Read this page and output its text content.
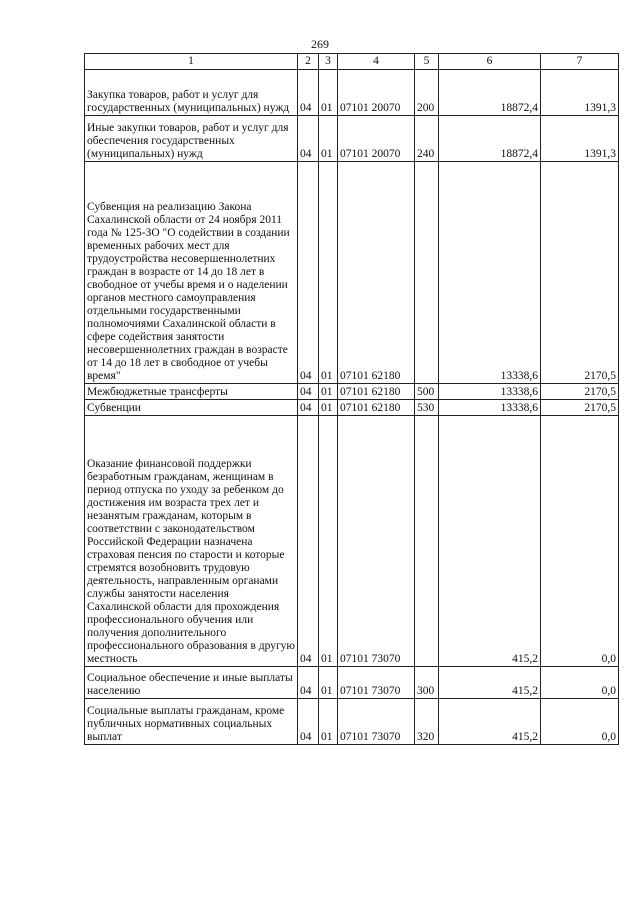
269
1	2	3	4	5	6	7
Закупка товаров, работ и услуг для государственных (муниципальных) нужд	04	01	07101 20070	200	18872,4	1391,3
Иные закупки товаров, работ и услуг для обеспечения государственных (муниципальных) нужд	04	01	07101 20070	240	18872,4	1391,3
Субвенция на реализацию Закона Сахалинской области от 24 ноября 2011 года № 125-ЗО "О содействии в создании временных рабочих мест для трудоустройства несовершеннолетних граждан в возрасте от 14 до 18 лет в свободное от учебы время и о наделении органов местного самоуправления отдельными государственными полномочиями Сахалинской области в сфере содействия занятости несовершеннолетних граждан в возрасте от 14 до 18 лет в свободное от учебы время"	04	01	07101 62180		13338,6	2170,5
Межбюджетные трансферты	04	01	07101 62180	500	13338,6	2170,5
Субвенции	04	01	07101 62180	530	13338,6	2170,5
Оказание финансовой поддержки безработным гражданам, женщинам в период отпуска по уходу за ребенком до достижения им возраста трех лет и незанятым гражданам, которым в соответствии с законодательством Российской Федерации назначена страховая пенсия по старости и которые стремятся возобновить трудовую деятельность, направленным органами службы занятости населения Сахалинской области для прохождения профессионального обучения или получения дополнительного профессионального образования в другую местность	04	01	07101 73070		415,2	0,0
Социальное обеспечение и иные выплаты населению	04	01	07101 73070	300	415,2	0,0
Социальные выплаты гражданам, кроме публичных нормативных социальных выплат	04	01	07101 73070	320	415,2	0,0
